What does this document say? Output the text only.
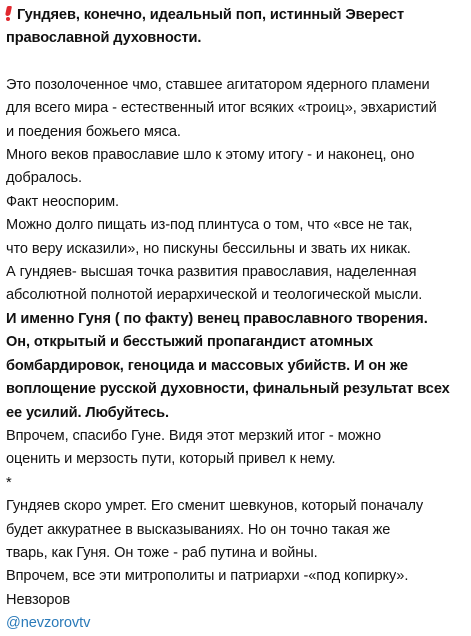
Гундяев, конечно, идеальный поп, истинный Эверест
православной духовности.
Это позолоченное чмо, ставшее агитатором ядерного пламени
для всего мира - естественный итог всяких «троиц», эвхаристий
и поедения божьего мяса.
Много веков православие шло к этому итогу - и наконец, оно
добралось.
Факт неоспорим.
Можно долго пищать из-под плинтуса о том, что «все не так,
что веру исказили», но пискуны бессильны и звать их никак.
А гундяев- высшая точка развития православия, наделенная
абсолютной полнотой иерархической и теологической мысли.
И именно Гуня ( по факту) венец православного творения.
Он, открытый и бесстыжий пропагандист атомных
бомбардировок, геноцида и массовых убийств. И он же
воплощение русской духовности, финальный результат всех
ее усилий. Любуйтесь.
Впрочем, спасибо Гуне. Видя этот мерзкий итог - можно
оценить и мерзость пути, который привел к нему.
*
Гундяев скоро умрет. Его сменит шевкунов, который поначалу
будет аккуратнее в высказываниях. Но он точно такая же
тварь, как Гуня. Он тоже - раб путина и войны.
Впрочем, все эти митрополиты и патриархи -«под копирку».
Невзоров
@nevzorovtv
